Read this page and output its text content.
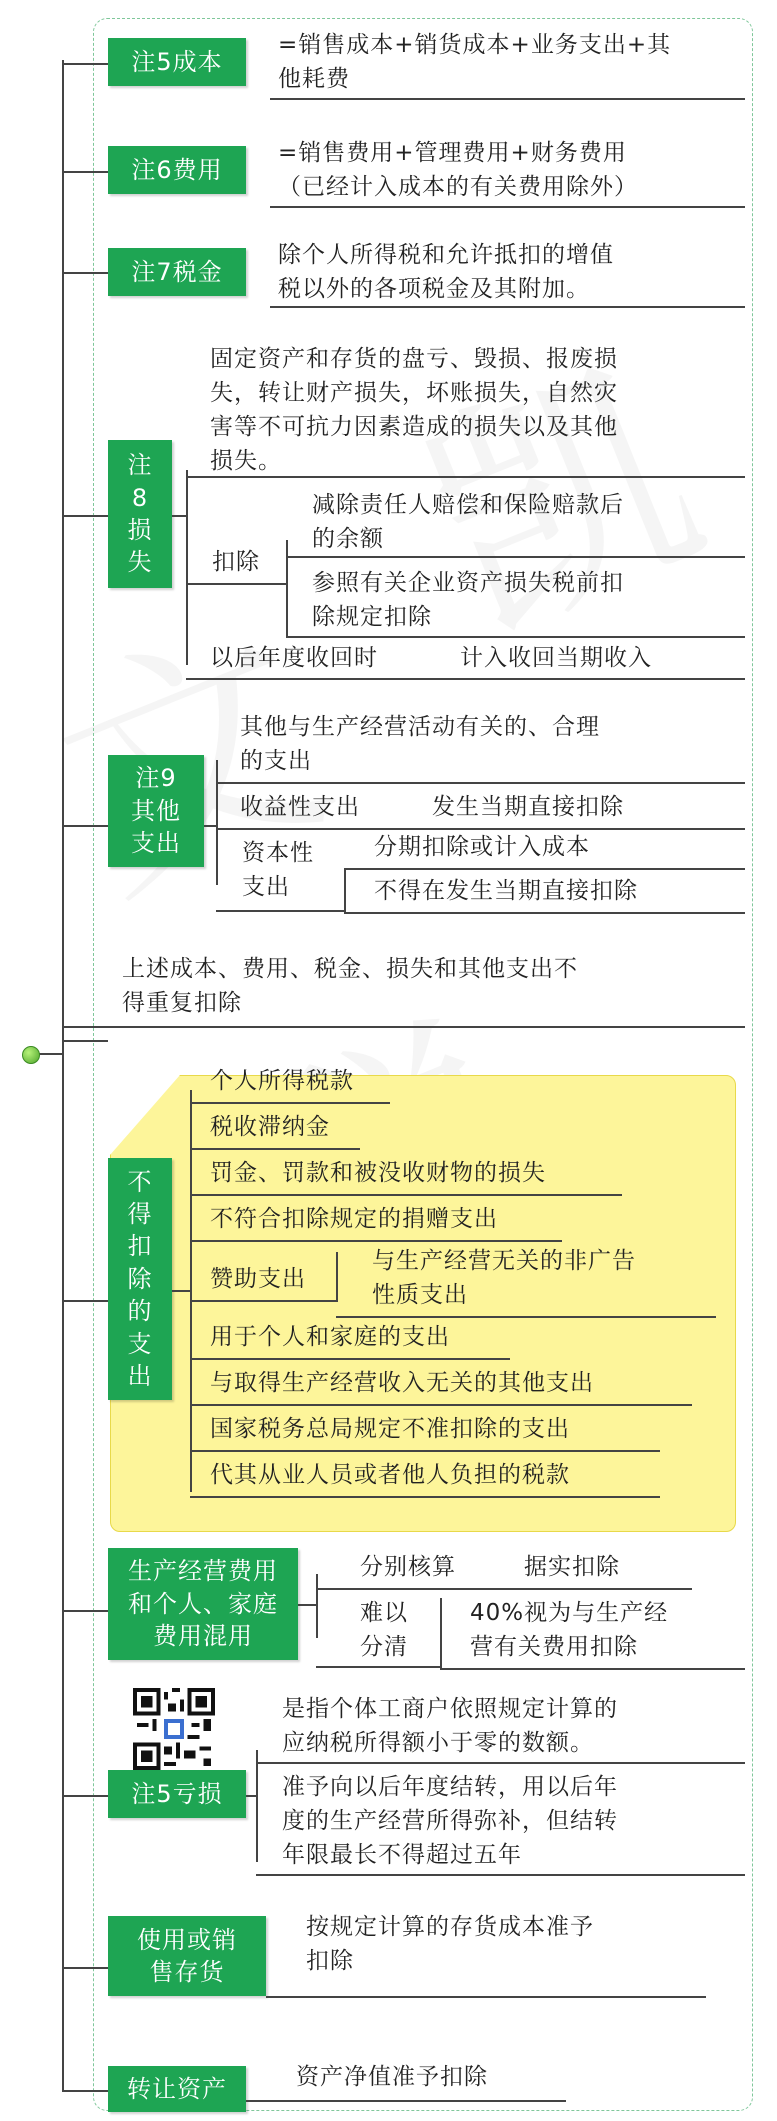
注5成本
=销售成本+销货成本+业务支出+其
他耗费
注6费用
=销售费用+管理费用+财务费用
（已经计入成本的有关费用除外）
注7税金
除个人所得税和允许抵扣的增值
税以外的各项税金及其附加。
注
8
损
失
固定资产和存货的盘亏、毁损、报废损
失，转让财产损失，坏账损失，自然灾
害等不可抗力因素造成的损失以及其他
损失。
扣除
减除责任人赔偿和保险赔款后
的余额
参照有关企业资产损失税前扣
除规定扣除
以后年度收回时	计入收回当期收入
注9
其他
支出
其他与生产经营活动有关的、合理
的支出
收益性支出	发生当期直接扣除
资本性
支出
分期扣除或计入成本
不得在发生当期直接扣除
上述成本、费用、税金、损失和其他支出不
得重复扣除
不
得
扣
除
的
支
出
个人所得税款
税收滞纳金
罚金、罚款和被没收财物的损失
不符合扣除规定的捐赠支出
赞助支出
与生产经营无关的非广告
性质支出
用于个人和家庭的支出
与取得生产经营收入无关的其他支出
国家税务总局规定不准扣除的支出
代其从业人员或者他人负担的税款
生产经营费用
和个人、家庭
费用混用
分别核算	据实扣除
难以
分清
40%视为与生产经
营有关费用扣除
注5亏损
是指个体工商户依照规定计算的
应纳税所得额小于零的数额。
准予向以后年度结转，用以后年
度的生产经营所得弥补，但结转
年限最长不得超过五年
使用或销
售存货
按规定计算的存货成本准予
扣除
转让资产	资产净值准予扣除
